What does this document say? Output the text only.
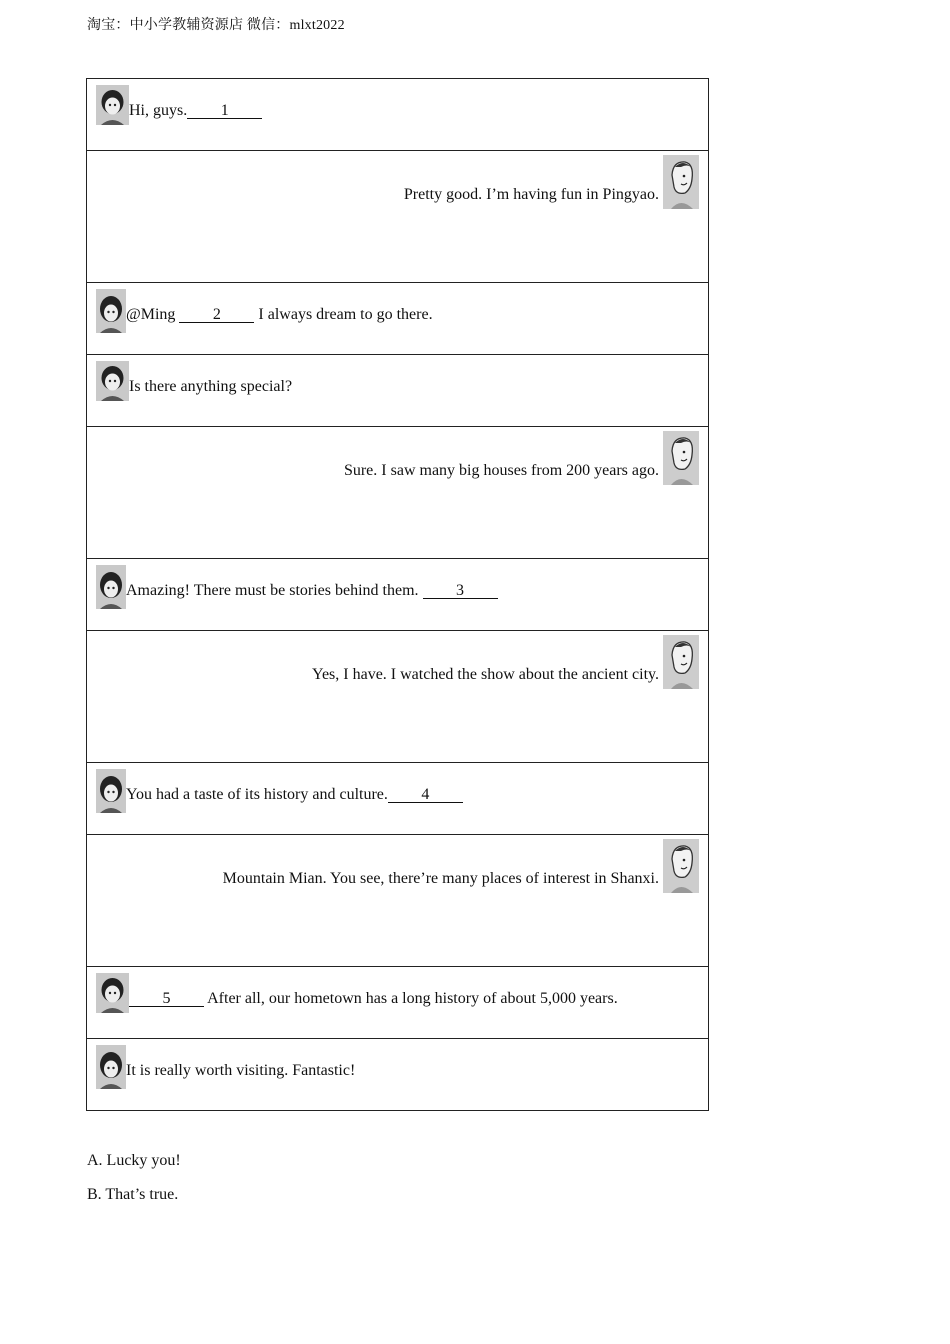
淘宝：中小学教辅资源店 微信：mlxt2022
Hi, guys. 1

Pretty good. I’m having fun in Pingyao.

@Ming 2 I always dream to go there.

Is there anything special?

Sure. I saw many big houses from 200 years ago.

Amazing! There must be stories behind them. 3

Yes, I have. I watched the show about the ancient city.

You had a taste of its history and culture. 4

Mountain Mian. You see, there’re many places of interest in Shanxi.

5 After all, our hometown has a long history of about 5,000 years.

It is really worth visiting. Fantastic!
A. Lucky you!
B. That’s true.
